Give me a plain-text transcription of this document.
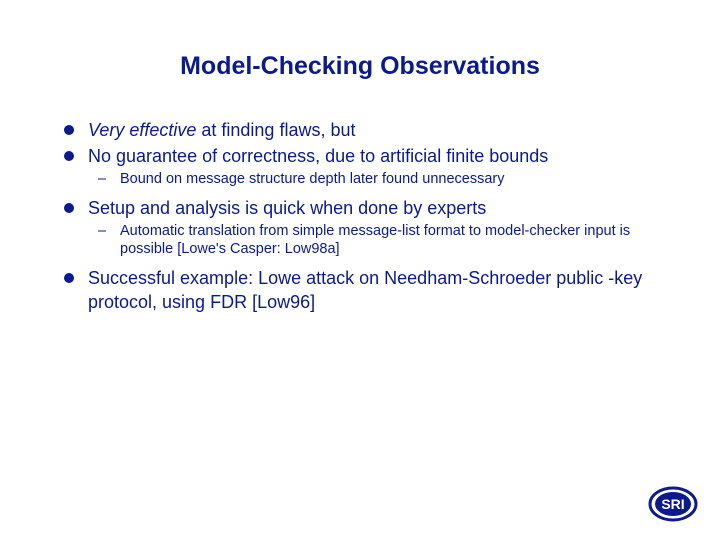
Model-Checking Observations
Very effective at finding flaws, but
No guarantee of correctness, due to artificial finite bounds
– Bound on message structure depth later found unnecessary
Setup and analysis is quick when done by experts
– Automatic translation from simple message-list format to model-checker input is possible [Lowe's Casper: Low98a]
Successful example: Lowe attack on Needham-Schroeder public -key protocol, using FDR [Low96]
SRI
